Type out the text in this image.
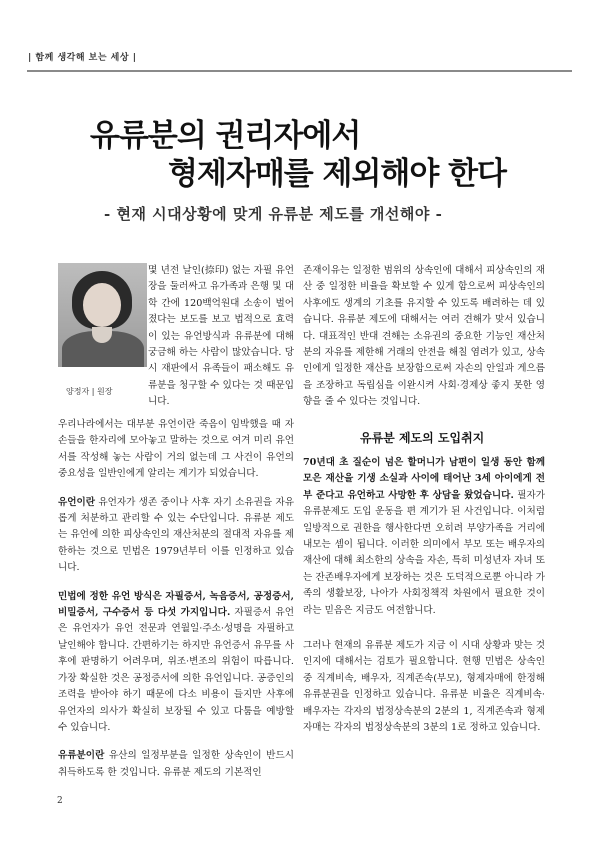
| 함께 생각해 보는 세상 |
유류분의 권리자에서
형제자매를 제외해야 한다
- 현재 시대상황에 맞게 유류분 제도를 개선해야 -
양정자 | 원장

몇 년전 날인(捺印) 없는 자필 유언장을 둘러싸고 유가족과 은행 및 대학 간에 120백억원대 소송이 벌어졌다는 보도를 보고 법적으로 효력이 있는 유언방식과 유류분에 대해 궁금해 하는 사람이 많았습니다. 당시 재판에서 유족들이 패소해도 유류분을 청구할 수 있다는 것 때문입니다.

우리나라에서는 대부분 유언이란 죽음이 임박했을 때 자손들을 한자리에 모아놓고 말하는 것으로 여겨 미리 유언서를 작성해 놓는 사람이 거의 없는데 그 사건이 유언의 중요성을 일반인에게 알리는 계기가 되었습니다.

유언이란 유언자가 생존 중이나 사후 자기 소유권을 자유롭게 처분하고 관리할 수 있는 수단입니다. 유류분 제도는 유언에 의한 피상속인의 재산처분의 절대적 자유를 제한하는 것으로 민법은 1979년부터 이를 인정하고 있습니다.

민법에 정한 유언 방식은 자필증서, 녹음증서, 공정증서, 비밀증서, 구수증서 등 다섯 가지입니다. 자필증서 유언은 유언자가 유언 전문과 연월일·주소·성명을 자필하고 날인해야 합니다. 간편하기는 하지만 유언증서 유무를 사후에 판명하기 어려우며, 위조·변조의 위험이 따릅니다. 가장 확실한 것은 공정증서에 의한 유언입니다. 공증인의 조력을 받아야 하기 때문에 다소 비용이 들지만 사후에 유언자의 의사가 확실히 보장될 수 있고 다툼을 예방할 수 있습니다.

유류분이란 유산의 일정부분을 일정한 상속인이 반드시 취득하도록 한 것입니다. 유류분 제도의 기본적인

존재이유는 일정한 범위의 상속인에 대해서 피상속인의 재산 중 일정한 비율을 확보할 수 있게 함으로써 피상속인의 사후에도 생계의 기초를 유지할 수 있도록 배려하는 데 있습니다. 유류분 제도에 대해서는 여러 견해가 맞서 있습니다. 대표적인 반대 견해는 소유권의 중요한 기능인 재산처분의 자유를 제한해 거래의 안전을 해칠 염려가 있고, 상속인에게 일정한 재산을 보장함으로써 자손의 안일과 게으름을 조장하고 독립심을 이완시켜 사회·경제상 좋지 못한 영향을 줄 수 있다는 것입니다.

유류분 제도의 도입취지

70년대 초 질순이 넘은 할머니가 남편이 일생 동안 함께 모은 재산을 기생 소실과 사이에 태어난 3세 아이에게 전부 준다고 유언하고 사망한 후 상담을 왔었습니다. 필자가 유류분제도 도입 운동을 편 계기가 된 사건입니다. 이처럼 일방적으로 권한을 행사한다면 오히려 부양가족을 거리에 내모는 셈이 됩니다. 이러한 의미에서 부모 또는 배우자의 재산에 대해 최소한의 상속을 자손, 특히 미성년자 자녀 또는 잔존배우자에게 보장하는 것은 도덕적으로뿐 아니라 가족의 생활보장, 나아가 사회정책적 차원에서 필요한 것이라는 믿음은 지금도 여전합니다.

그러나 현재의 유류분 제도가 지금 이 시대 상황과 맞는 것인지에 대해서는 검토가 필요합니다. 현행 민법은 상속인 중 직계비속, 배우자, 직계존속(부모), 형제자매에 한정해 유류분권을 인정하고 있습니다. 유류분 비율은 직계비속·배우자는 각자의 법정상속분의 2분의 1, 직계존속과 형제자매는 각자의 법정상속분의 3분의 1로 정하고 있습니다.

2
